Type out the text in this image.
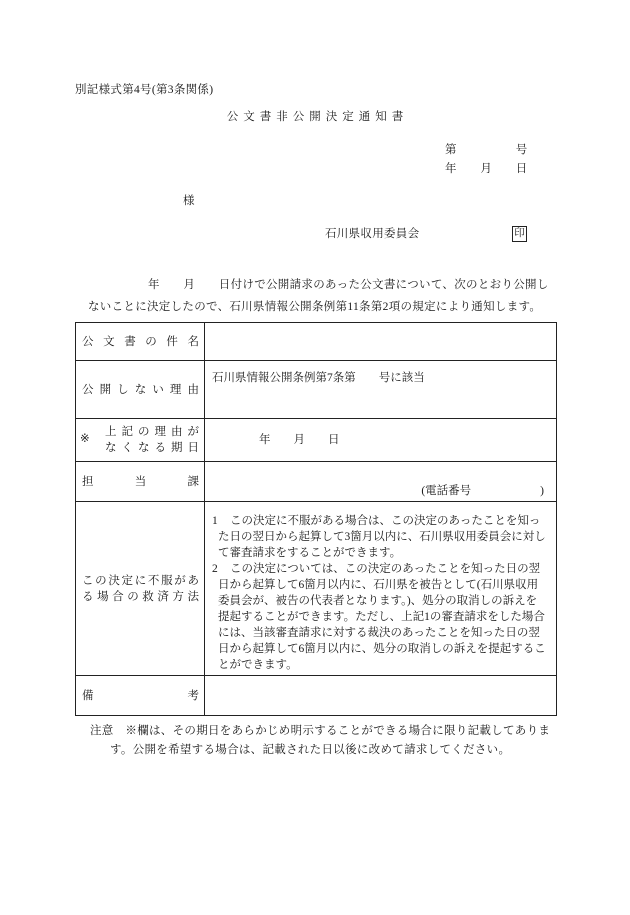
別記様式第4号(第3条関係)
公文書非公開決定通知書
第　　　　　号
年　　月　　日
様
石川県収用委員会	印
年　　月　　日付けで公開請求のあった公文書について、次のとおり公開し
ないことに決定したので、石川県情報公開条例第11条第2項の規定により通知します。
公文書の件名
公開しない理由
石川県情報公開条例第7条第　　号に該当
※
上記の理由が
なくなる期日
年　　月　　日
担当課
(電話番号　　　　　　)
この決定に不服があ
る場合の救済方法
1 この決定に不服がある場合は、この決定のあったことを知っ
た日の翌日から起算して3箇月以内に、石川県収用委員会に対し
て審査請求をすることができます。
2 この決定については、この決定のあったことを知った日の翌
日から起算して6箇月以内に、石川県を被告として(石川県収用
委員会が、被告の代表者となります。)、処分の取消しの訴えを
提起することができます。ただし、上記1の審査請求をした場合
には、当該審査請求に対する裁決のあったことを知った日の翌
日から起算して6箇月以内に、処分の取消しの訴えを提起するこ
とができます。
備考
注意　※欄は、その期日をあらかじめ明示することができる場合に限り記載してありま
す。公開を希望する場合は、記載された日以後に改めて請求してください。
